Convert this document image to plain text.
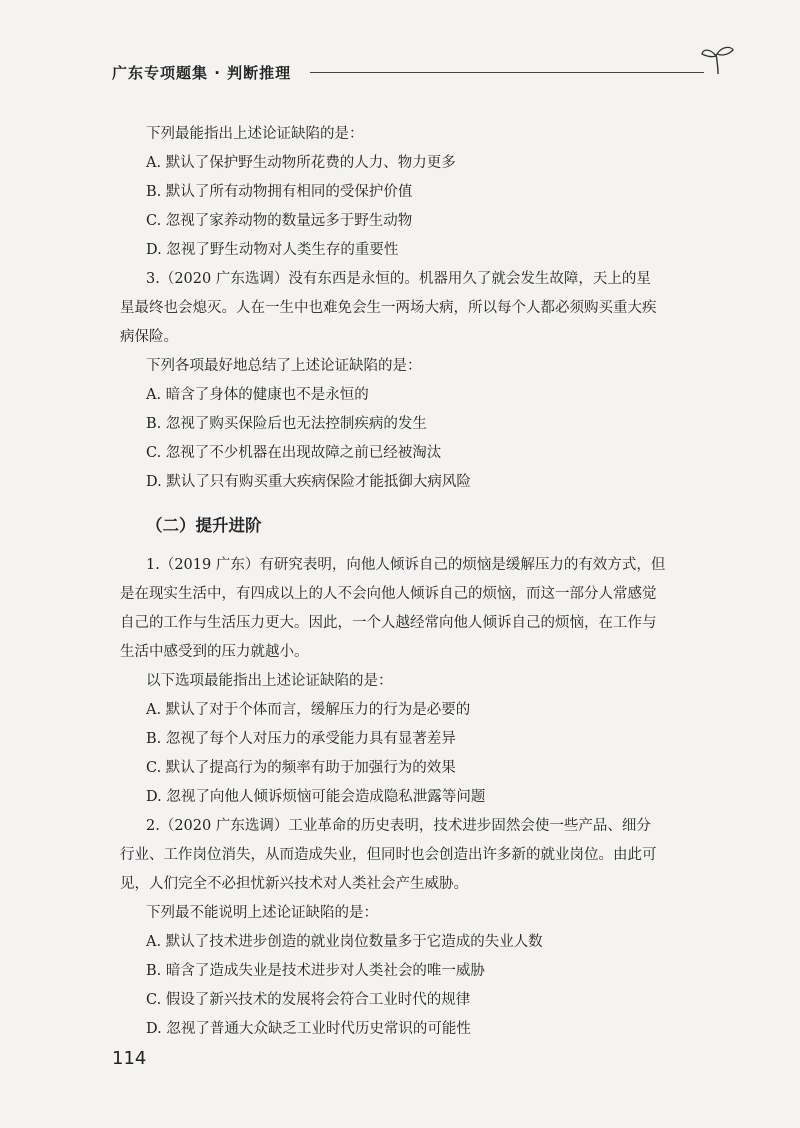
广东专项题集 · 判断推理

下列最能指出上述论证缺陷的是：

A. 默认了保护野生动物所花费的人力、物力更多

B. 默认了所有动物拥有相同的受保护价值

C. 忽视了家养动物的数量远多于野生动物

D. 忽视了野生动物对人类生存的重要性

3.（2020 广东选调）没有东西是永恒的。机器用久了就会发生故障，天上的星

星最终也会熄灭。人在一生中也难免会生一两场大病，所以每个人都必须购买重大疾

病保险。

下列各项最好地总结了上述论证缺陷的是：

A. 暗含了身体的健康也不是永恒的

B. 忽视了购买保险后也无法控制疾病的发生

C. 忽视了不少机器在出现故障之前已经被淘汰

D. 默认了只有购买重大疾病保险才能抵御大病风险

（二）提升进阶

1.（2019 广东）有研究表明，向他人倾诉自己的烦恼是缓解压力的有效方式，但

是在现实生活中，有四成以上的人不会向他人倾诉自己的烦恼，而这一部分人常感觉

自己的工作与生活压力更大。因此，一个人越经常向他人倾诉自己的烦恼，在工作与

生活中感受到的压力就越小。

以下选项最能指出上述论证缺陷的是：

A. 默认了对于个体而言，缓解压力的行为是必要的

B. 忽视了每个人对压力的承受能力具有显著差异

C. 默认了提高行为的频率有助于加强行为的效果

D. 忽视了向他人倾诉烦恼可能会造成隐私泄露等问题

2.（2020 广东选调）工业革命的历史表明，技术进步固然会使一些产品、细分

行业、工作岗位消失，从而造成失业，但同时也会创造出许多新的就业岗位。由此可

见，人们完全不必担忧新兴技术对人类社会产生威胁。

下列最不能说明上述论证缺陷的是：

A. 默认了技术进步创造的就业岗位数量多于它造成的失业人数

B. 暗含了造成失业是技术进步对人类社会的唯一威胁

C. 假设了新兴技术的发展将会符合工业时代的规律

D. 忽视了普通大众缺乏工业时代历史常识的可能性

114
